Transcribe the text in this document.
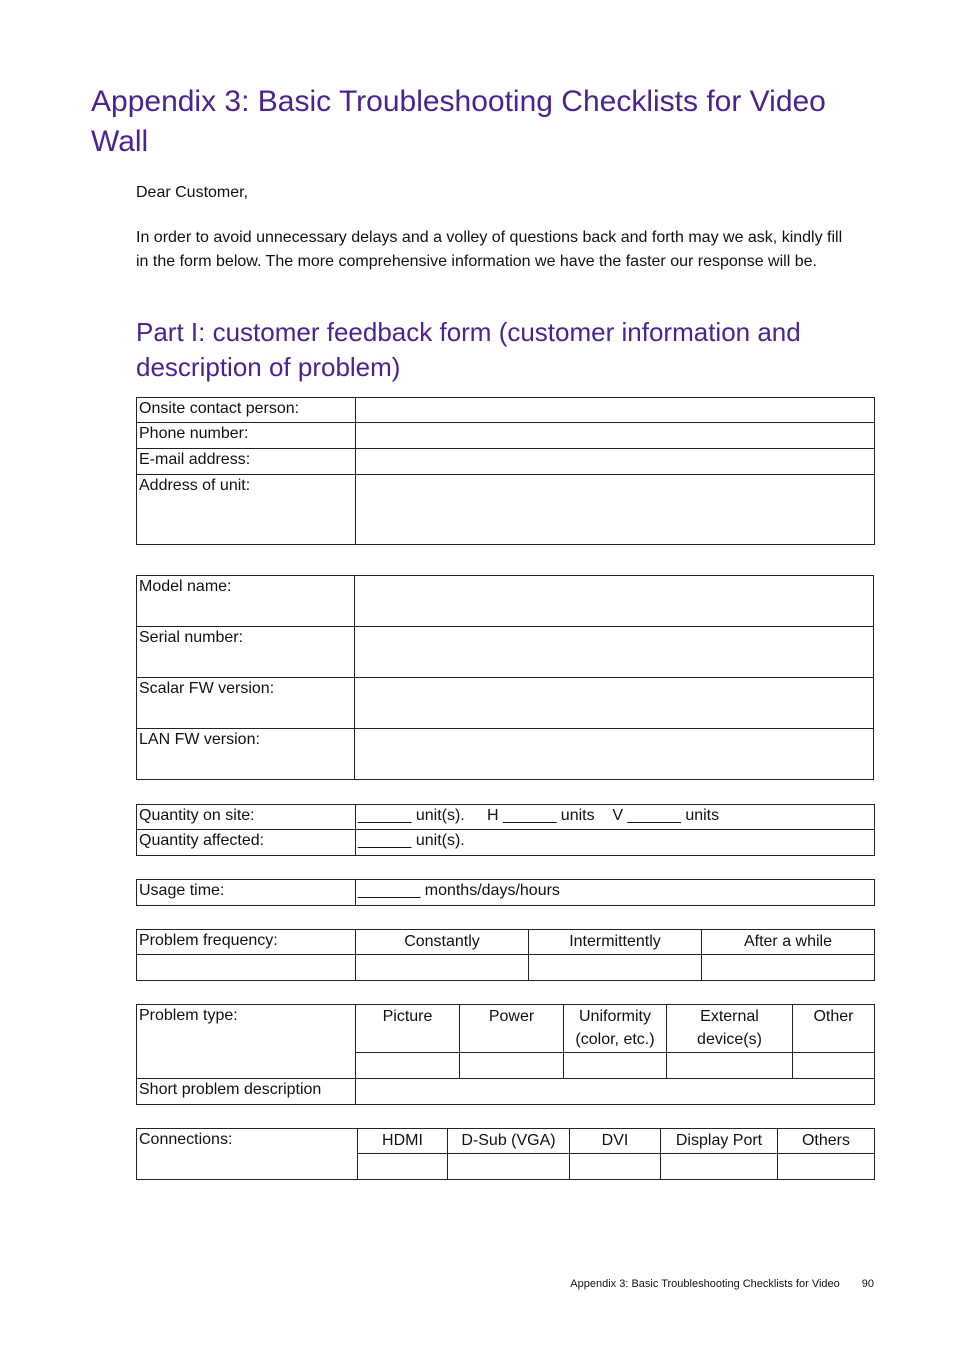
Appendix 3: Basic Troubleshooting Checklists for Video Wall

Dear Customer,

In order to avoid unnecessary delays and a volley of questions back and forth may we ask, kindly fill in the form below. The more comprehensive information we have the faster our response will be.

Part I: customer feedback form (customer information and description of problem)
Onsite contact person:	
Phone number:	
E-mail address:	
Address of unit:	
Model name:	
Serial number:	
Scalar FW version:	
LAN FW version:	
Quantity on site:	______ unit(s).     H ______ units    V ______ units
Quantity affected:	______ unit(s).
Usage time:	_______ months/days/hours
Problem frequency:	Constantly	Intermittently	After a while

Problem type:	Picture	Power	Uniformity (color, etc.)	External device(s)	Other

Short problem description					
Connections:	HDMI	D-Sub (VGA)	DVI	Display Port	Others

Appendix 3: Basic Troubleshooting Checklists for Video 90
